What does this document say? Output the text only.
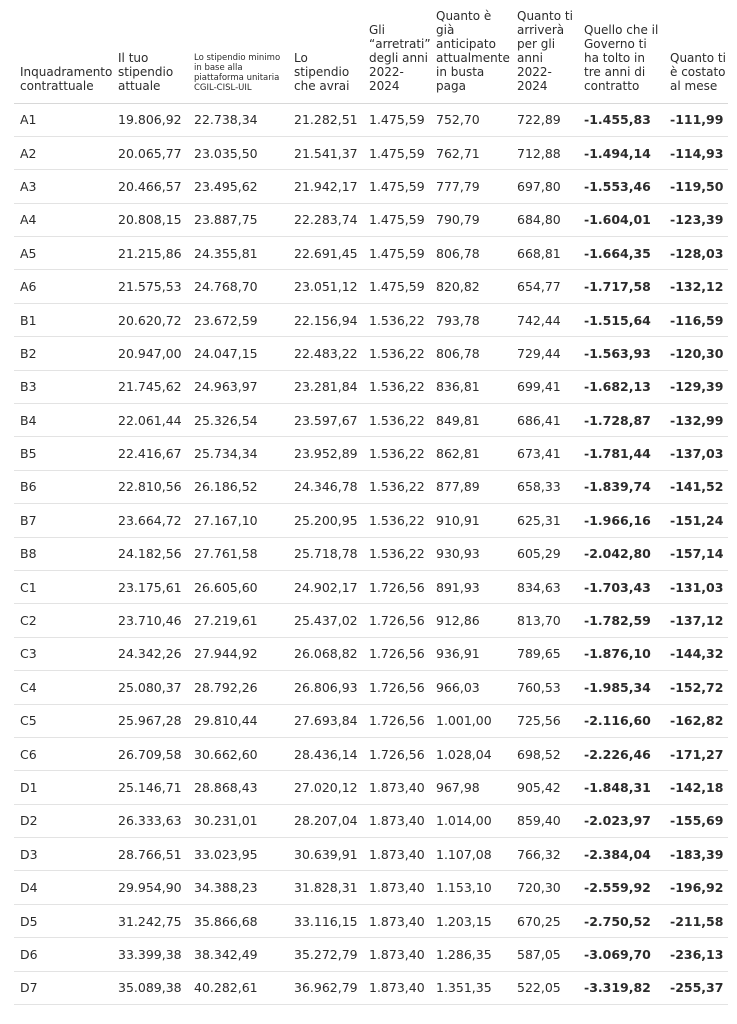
Inquadramento contrattuale	Il tuo stipendio attuale	Lo stipendio minimo in base alla piattaforma unitaria CGIL-CISL-UIL	Lo stipendio che avrai	Gli “arretrati” degli anni 2022-2024	Quanto è già anticipato attualmente in busta paga	Quanto ti arriverà per gli anni 2022-2024	Quello che il Governo ti ha tolto in tre anni di contratto	Quanto ti è costato al mese
A1	19.806,92	22.738,34	21.282,51	1.475,59	752,70	722,89	-1.455,83	-111,99
A2	20.065,77	23.035,50	21.541,37	1.475,59	762,71	712,88	-1.494,14	-114,93
A3	20.466,57	23.495,62	21.942,17	1.475,59	777,79	697,80	-1.553,46	-119,50
A4	20.808,15	23.887,75	22.283,74	1.475,59	790,79	684,80	-1.604,01	-123,39
A5	21.215,86	24.355,81	22.691,45	1.475,59	806,78	668,81	-1.664,35	-128,03
A6	21.575,53	24.768,70	23.051,12	1.475,59	820,82	654,77	-1.717,58	-132,12
B1	20.620,72	23.672,59	22.156,94	1.536,22	793,78	742,44	-1.515,64	-116,59
B2	20.947,00	24.047,15	22.483,22	1.536,22	806,78	729,44	-1.563,93	-120,30
B3	21.745,62	24.963,97	23.281,84	1.536,22	836,81	699,41	-1.682,13	-129,39
B4	22.061,44	25.326,54	23.597,67	1.536,22	849,81	686,41	-1.728,87	-132,99
B5	22.416,67	25.734,34	23.952,89	1.536,22	862,81	673,41	-1.781,44	-137,03
B6	22.810,56	26.186,52	24.346,78	1.536,22	877,89	658,33	-1.839,74	-141,52
B7	23.664,72	27.167,10	25.200,95	1.536,22	910,91	625,31	-1.966,16	-151,24
B8	24.182,56	27.761,58	25.718,78	1.536,22	930,93	605,29	-2.042,80	-157,14
C1	23.175,61	26.605,60	24.902,17	1.726,56	891,93	834,63	-1.703,43	-131,03
C2	23.710,46	27.219,61	25.437,02	1.726,56	912,86	813,70	-1.782,59	-137,12
C3	24.342,26	27.944,92	26.068,82	1.726,56	936,91	789,65	-1.876,10	-144,32
C4	25.080,37	28.792,26	26.806,93	1.726,56	966,03	760,53	-1.985,34	-152,72
C5	25.967,28	29.810,44	27.693,84	1.726,56	1.001,00	725,56	-2.116,60	-162,82
C6	26.709,58	30.662,60	28.436,14	1.726,56	1.028,04	698,52	-2.226,46	-171,27
D1	25.146,71	28.868,43	27.020,12	1.873,40	967,98	905,42	-1.848,31	-142,18
D2	26.333,63	30.231,01	28.207,04	1.873,40	1.014,00	859,40	-2.023,97	-155,69
D3	28.766,51	33.023,95	30.639,91	1.873,40	1.107,08	766,32	-2.384,04	-183,39
D4	29.954,90	34.388,23	31.828,31	1.873,40	1.153,10	720,30	-2.559,92	-196,92
D5	31.242,75	35.866,68	33.116,15	1.873,40	1.203,15	670,25	-2.750,52	-211,58
D6	33.399,38	38.342,49	35.272,79	1.873,40	1.286,35	587,05	-3.069,70	-236,13
D7	35.089,38	40.282,61	36.962,79	1.873,40	1.351,35	522,05	-3.319,82	-255,37
